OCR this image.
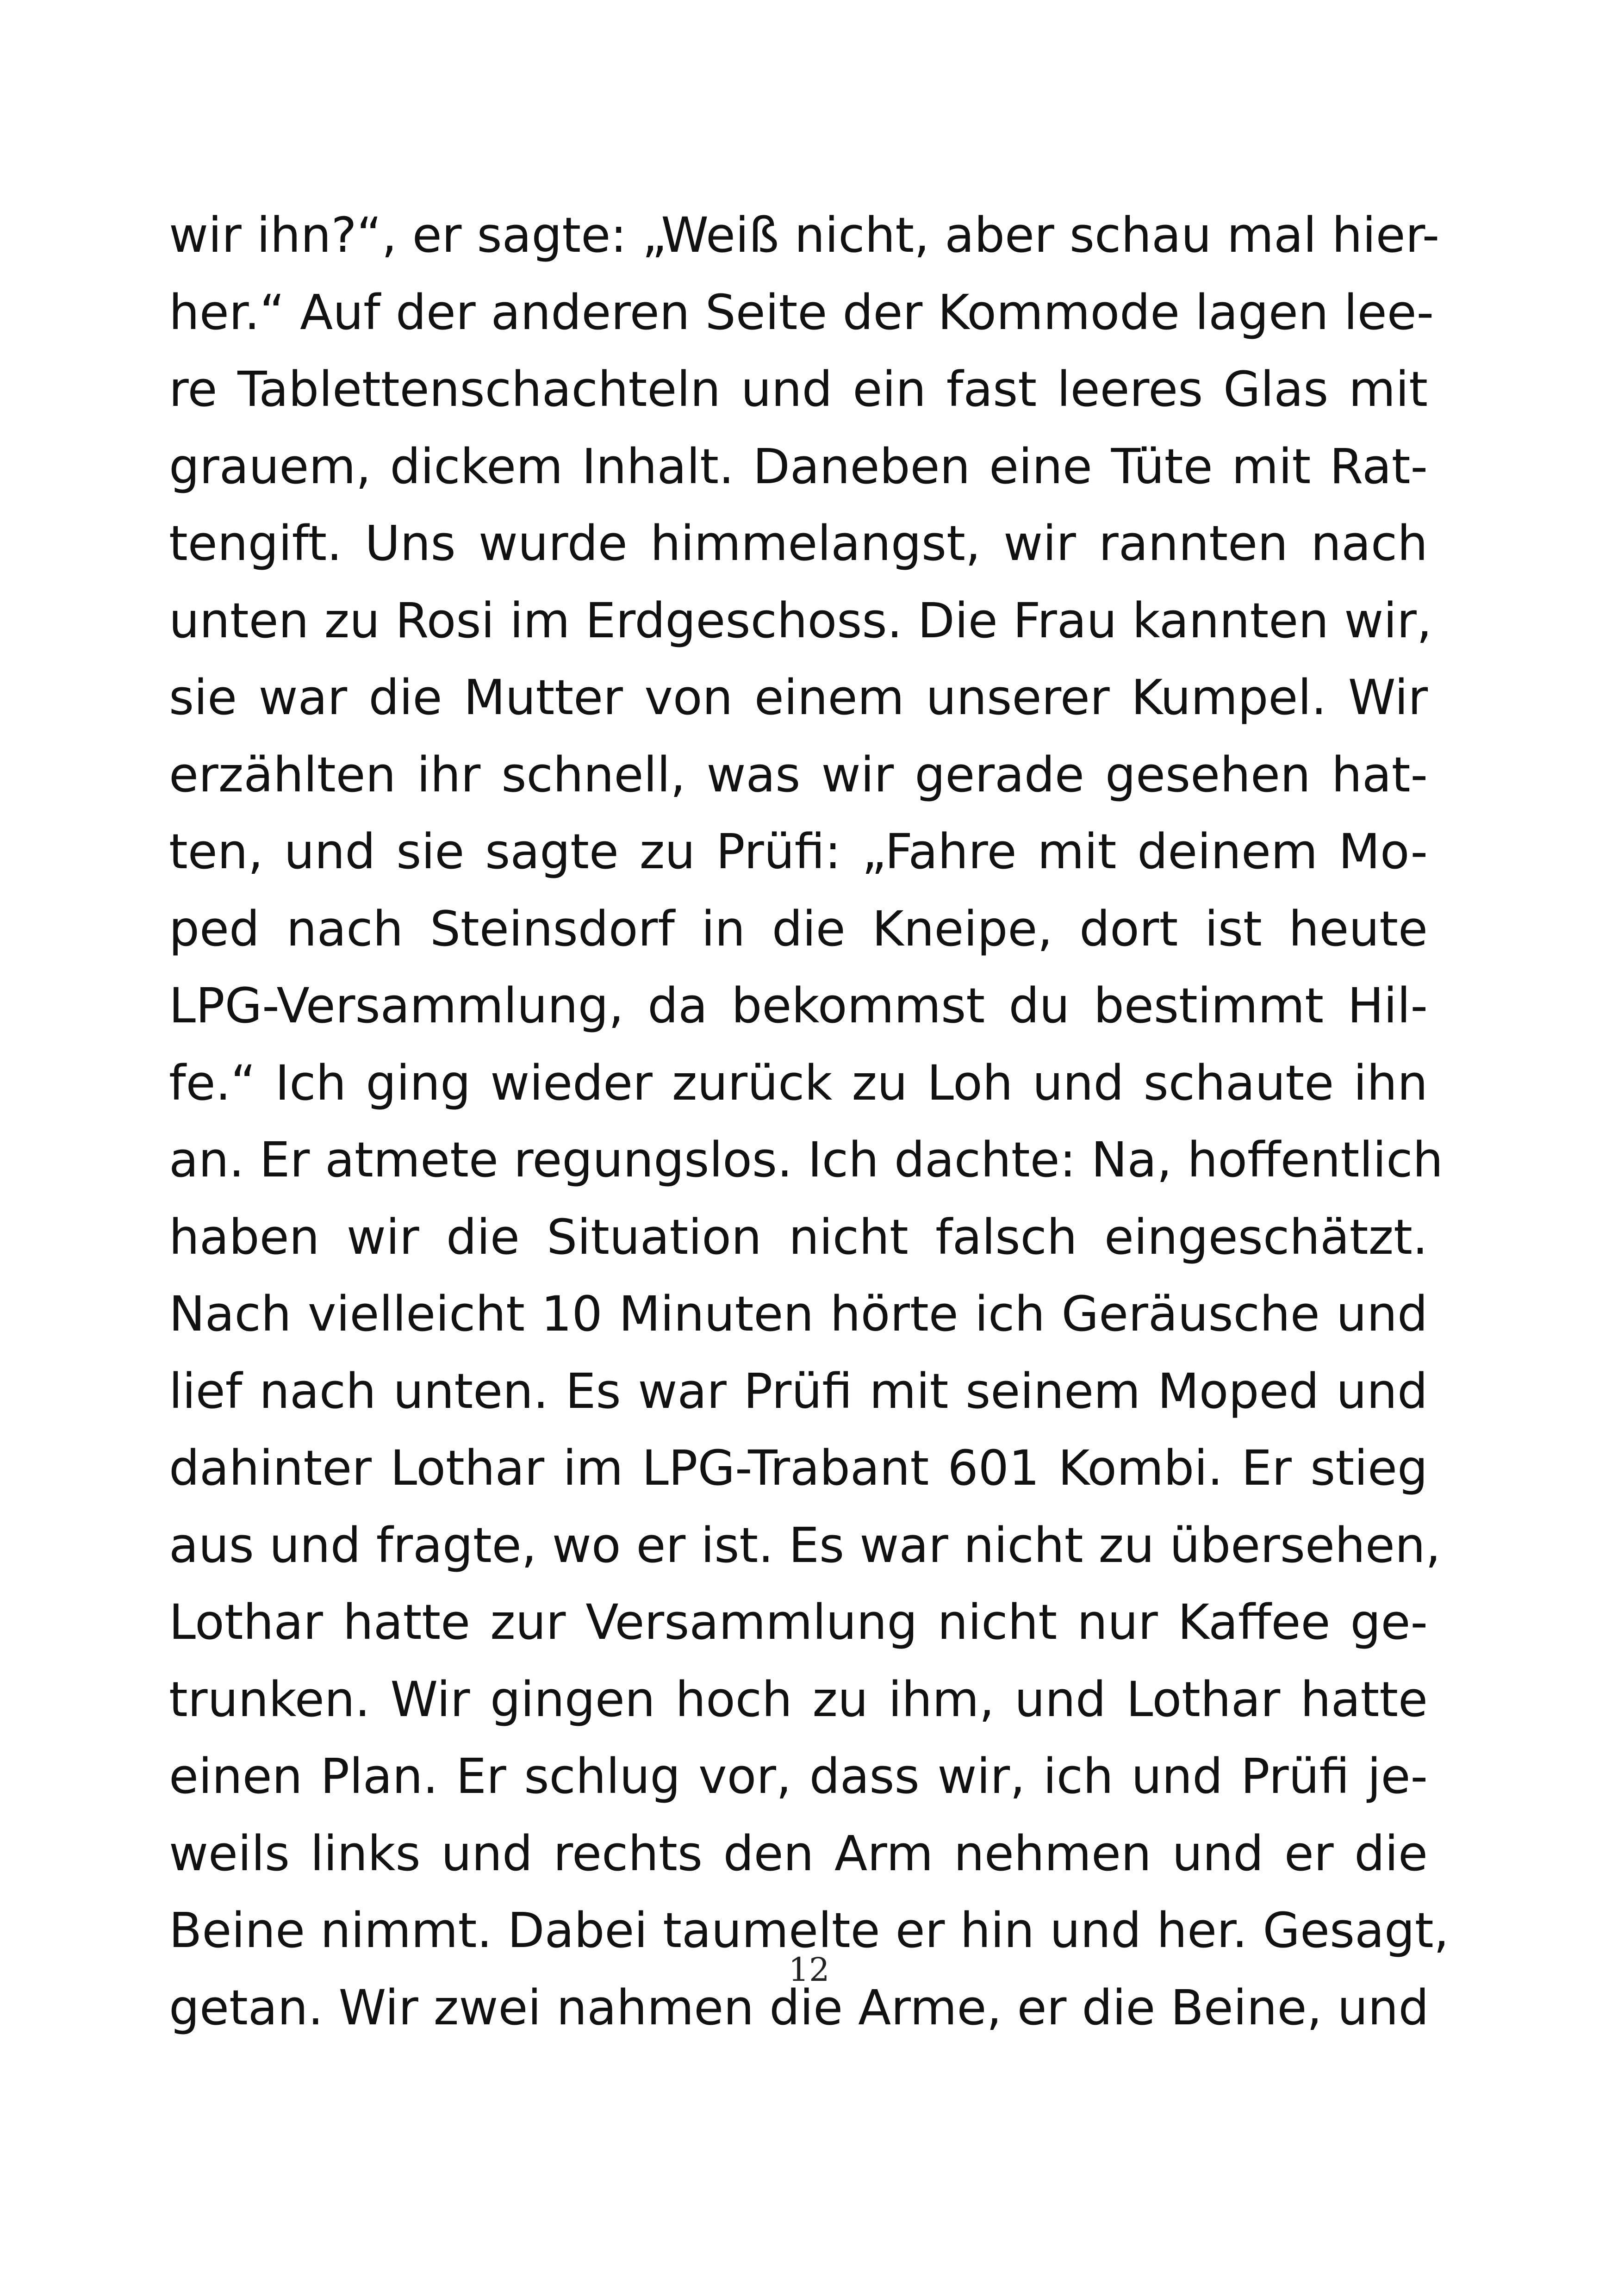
wir ihn?“, er sagte: „Weiß nicht, aber schau mal hier-
her.“ Auf der anderen Seite der Kommode lagen lee-
re Tablettenschachteln und ein fast leeres Glas mit
grauem, dickem Inhalt. Daneben eine Tüte mit Rat-
tengift. Uns wurde himmelangst, wir rannten nach
unten zu Rosi im Erdgeschoss. Die Frau kannten wir,
sie war die Mutter von einem unserer Kumpel. Wir
erzählten ihr schnell, was wir gerade gesehen hat-
ten, und sie sagte zu Prüfi: „Fahre mit deinem Mo-
ped nach Steinsdorf in die Kneipe, dort ist heute
LPG-Versammlung, da bekommst du bestimmt Hil-
fe.“ Ich ging wieder zurück zu Loh und schaute ihn
an. Er atmete regungslos. Ich dachte: Na, hoffentlich
haben wir die Situation nicht falsch eingeschätzt.
Nach vielleicht 10 Minuten hörte ich Geräusche und
lief nach unten. Es war Prüfi mit seinem Moped und
dahinter Lothar im LPG-Trabant 601 Kombi. Er stieg
aus und fragte, wo er ist. Es war nicht zu übersehen,
Lothar hatte zur Versammlung nicht nur Kaffee ge-
trunken. Wir gingen hoch zu ihm, und Lothar hatte
einen Plan. Er schlug vor, dass wir, ich und Prüfi je-
weils links und rechts den Arm nehmen und er die
Beine nimmt. Dabei taumelte er hin und her. Gesagt,
getan. Wir zwei nahmen die Arme, er die Beine, und
12
